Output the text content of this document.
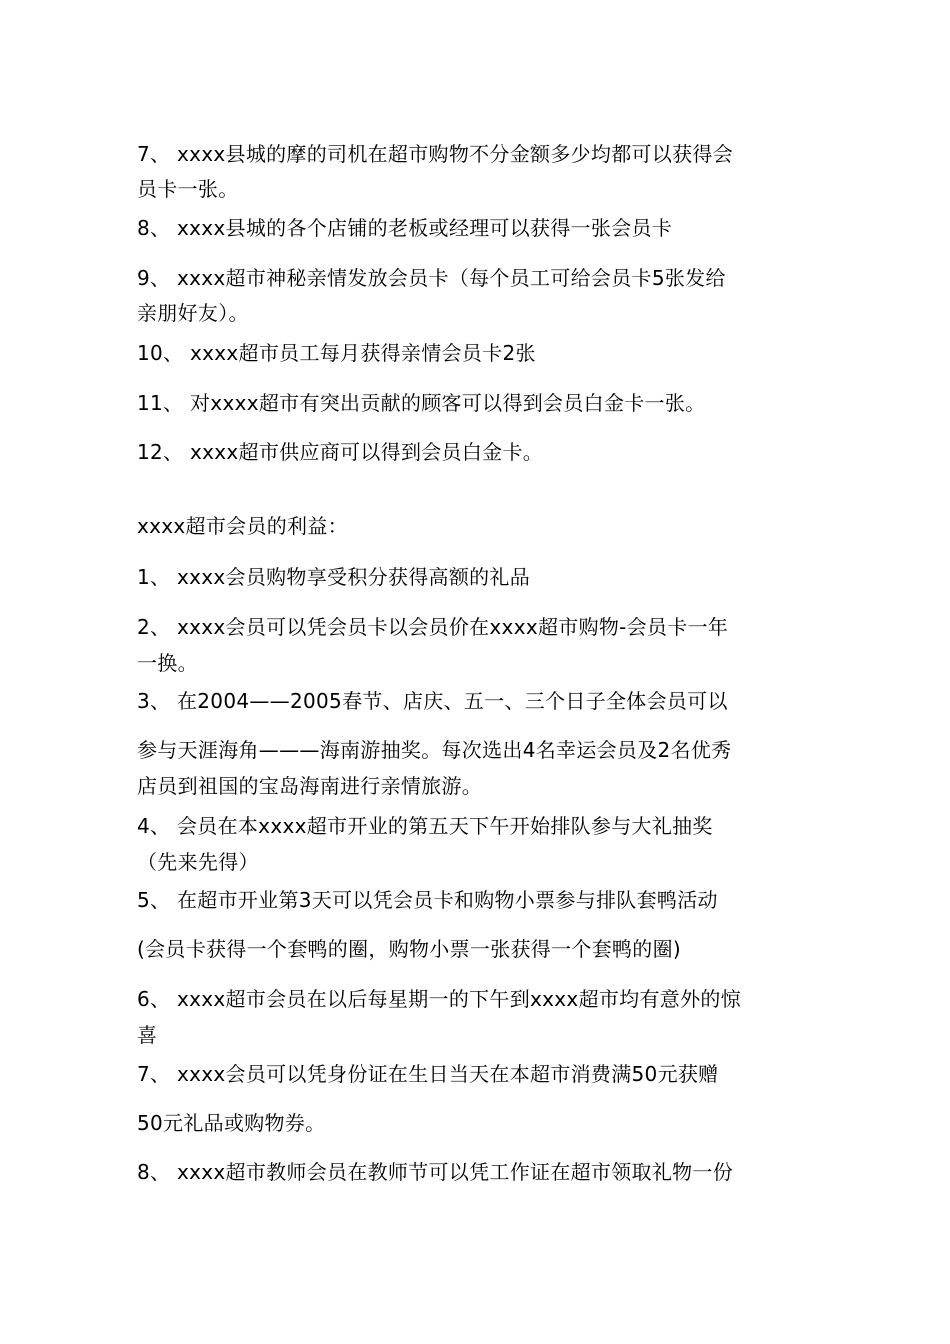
7、 xxxx县城的摩的司机在超市购物不分金额多少均都可以获得会
员卡一张。
8、 xxxx县城的各个店铺的老板或经理可以获得一张会员卡
9、 xxxx超市神秘亲情发放会员卡（每个员工可给会员卡5张发给
亲朋好友）。
10、 xxxx超市员工每月获得亲情会员卡2张
11、 对xxxx超市有突出贡献的顾客可以得到会员白金卡一张。
12、 xxxx超市供应商可以得到会员白金卡。
xxxx超市会员的利益：
1、 xxxx会员购物享受积分获得高额的礼品
2、 xxxx会员可以凭会员卡以会员价在xxxx超市购物-会员卡一年
一换。
3、 在2004——2005春节、店庆、五一、三个日子全体会员可以
参与天涯海角———海南游抽奖。每次选出4名幸运会员及2名优秀
店员到祖国的宝岛海南进行亲情旅游。
4、 会员在本xxxx超市开业的第五天下午开始排队参与大礼抽奖
（先来先得）
5、 在超市开业第3天可以凭会员卡和购物小票参与排队套鸭活动
(会员卡获得一个套鸭的圈，购物小票一张获得一个套鸭的圈)
6、 xxxx超市会员在以后每星期一的下午到xxxx超市均有意外的惊
喜
7、 xxxx会员可以凭身份证在生日当天在本超市消费满50元获赠
50元礼品或购物券。
8、 xxxx超市教师会员在教师节可以凭工作证在超市领取礼物一份
